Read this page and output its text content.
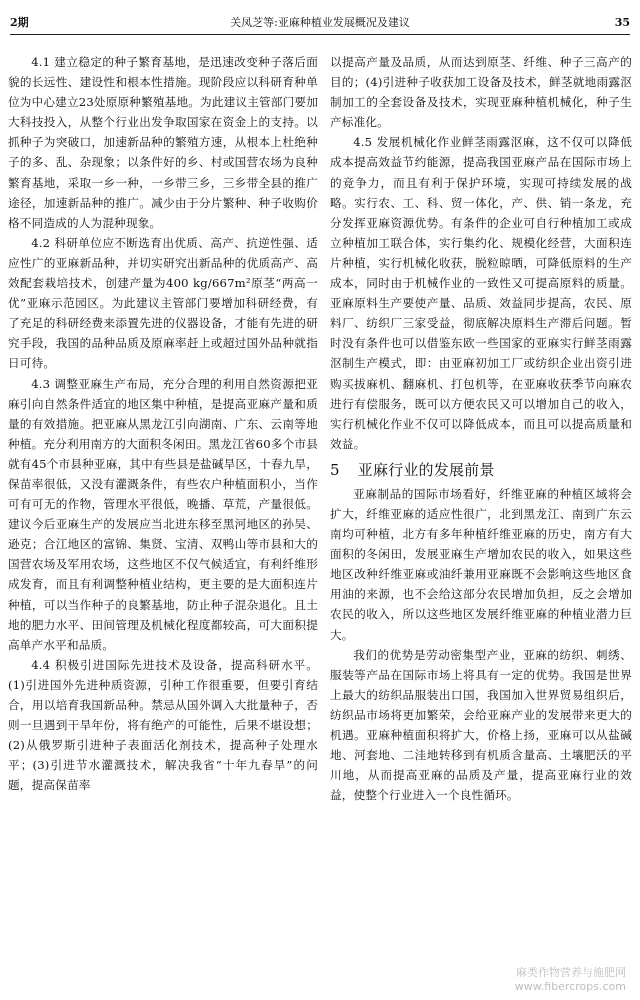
2期	关凤芝等:亚麻种植业发展概况及建议	35

4.1 建立稳定的种子繁育基地，是迅速改变种子落后面貌的长远性、建设性和根本性措施。现阶段应以科研育种单位为中心建立23处原原种繁殖基地。为此建议主管部门要加大科技投入，从整个行业出发争取国家在资金上的支持。以抓种子为突破口，加速新品种的繁殖方速，从根本上杜绝种子的多、乱、杂现象；以条件好的乡、村或国营农场为良种繁育基地，采取一乡一种，一乡带三乡，三乡带全县的推广途径，加速新品种的推广。减少由于分片繁种、种子收购价格不同造成的人为混种现象。

4.2 科研单位应不断选育出优质、高产、抗逆性强、适应性广的亚麻新品种，并切实研究出新品种的优质高产、高效配套栽培技术，创建产量为400 kg/667m²原茎“两高一优”亚麻示范园区。为此建议主管部门要增加科研经费，有了充足的科研经费来添置先进的仪器设备，才能有先进的研究手段，我国的品种品质及原麻率赶上或超过国外品种就指日可待。

4.3 调整亚麻生产布局，充分合理的利用自然资源把亚麻引向自然条件适宜的地区集中种植，是提高亚麻产量和质量的有效措施。把亚麻从黑龙江引向湖南、广东、云南等地种植。充分利用南方的大面积冬闲田。黑龙江省60多个市县就有45个市县种亚麻，其中有些县是盐碱旱区，十春九旱，保苗率很低，又没有灌溉条件，有些农户种植面积小，当作可有可无的作物，管理水平很低，晚播、草荒，产量很低。建议今后亚麻生产的发展应当北进东移至黑河地区的孙吴、逊克；合江地区的富锦、集贤、宝清、双鸭山等市县和大的国营农场及军用农场，这些地区不仅气候适宜，有利纤维形成发育，而且有利调整种植业结构，更主要的是大面积连片种植，可以当作种子的良繁基地，防止种子混杂退化。且土地的肥力水平、田间管理及机械化程度都较高，可大面积提高单产水平和品质。

4.4 积极引进国际先进技术及设备，提高科研水平。(1)引进国外先进种质资源，引种工作很重要，但要引育结合，用以培育我国新品种。禁忌从国外调入大批量种子，否则一旦遇到干旱年份，将有绝产的可能性，后果不堪设想；(2)从俄罗斯引进种子表面活化剂技术，提高种子处理水平；(3)引进节水灌溉技术，解决我省“十年九春旱”的问题，提高保苗率

以提高产量及品质，从而达到原茎、纤维、种子三高产的目的；(4)引进种子收获加工设备及技术，鲜茎就地雨露沤制加工的全套设备及技术，实现亚麻种植机械化，种子生产标准化。

4.5 发展机械化作业鲜茎雨露沤麻，这不仅可以降低成本提高效益节约能源，提高我国亚麻产品在国际市场上的竞争力，而且有利于保护环境，实现可持续发展的战略。实行农、工、科、贸一体化，产、供、销一条龙，充分发挥亚麻资源优势。有条件的企业可自行种植加工或成立种植加工联合体，实行集约化、规模化经营，大面积连片种植，实行机械化收获，脱粒晾晒，可降低原料的生产成本，同时由于机械作业的一致性又可提高原料的质量。亚麻原料生产要使产量、品质、效益同步提高，农民、原料厂、纺织厂三家受益，彻底解决原料生产滞后问题。暂时没有条件也可以借鉴东欧一些国家的亚麻实行鲜茎雨露沤制生产模式，即：由亚麻初加工厂或纺织企业出资引进购买拔麻机、翻麻机、打包机等，在亚麻收获季节向麻农进行有偿服务，既可以方便农民又可以增加自己的收入，实行机械化作业不仅可以降低成本，而且可以提高质量和效益。

5 亚麻行业的发展前景

亚麻制品的国际市场看好，纤维亚麻的种植区域将会扩大，纤维亚麻的适应性很广，北到黑龙江、南到广东云南均可种植，北方有多年种植纤维亚麻的历史，南方有大面积的冬闲田，发展亚麻生产增加农民的收入，如果这些地区改种纤维亚麻或油纤兼用亚麻既不会影响这些地区食用油的来源，也不会给这部分农民增加负担，反之会增加农民的收入，所以这些地区发展纤维亚麻的种植业潜力巨大。

我们的优势是劳动密集型产业，亚麻的纺织、刺绣、服装等产品在国际市场上将具有一定的优势。我国是世界上最大的纺织品服装出口国，我国加入世界贸易组织后，纺织品市场将更加繁荣，会给亚麻产业的发展带来更大的机遇。亚麻种植面积将扩大，价格上扬，亚麻可以从盐碱地、河套地、二洼地转移到有机质含量高、土壤肥沃的平川地，从而提高亚麻的品质及产量，提高亚麻行业的效益，使整个行业进入一个良性循环。

麻类作物营养与施肥网
www.fibercrops.com
